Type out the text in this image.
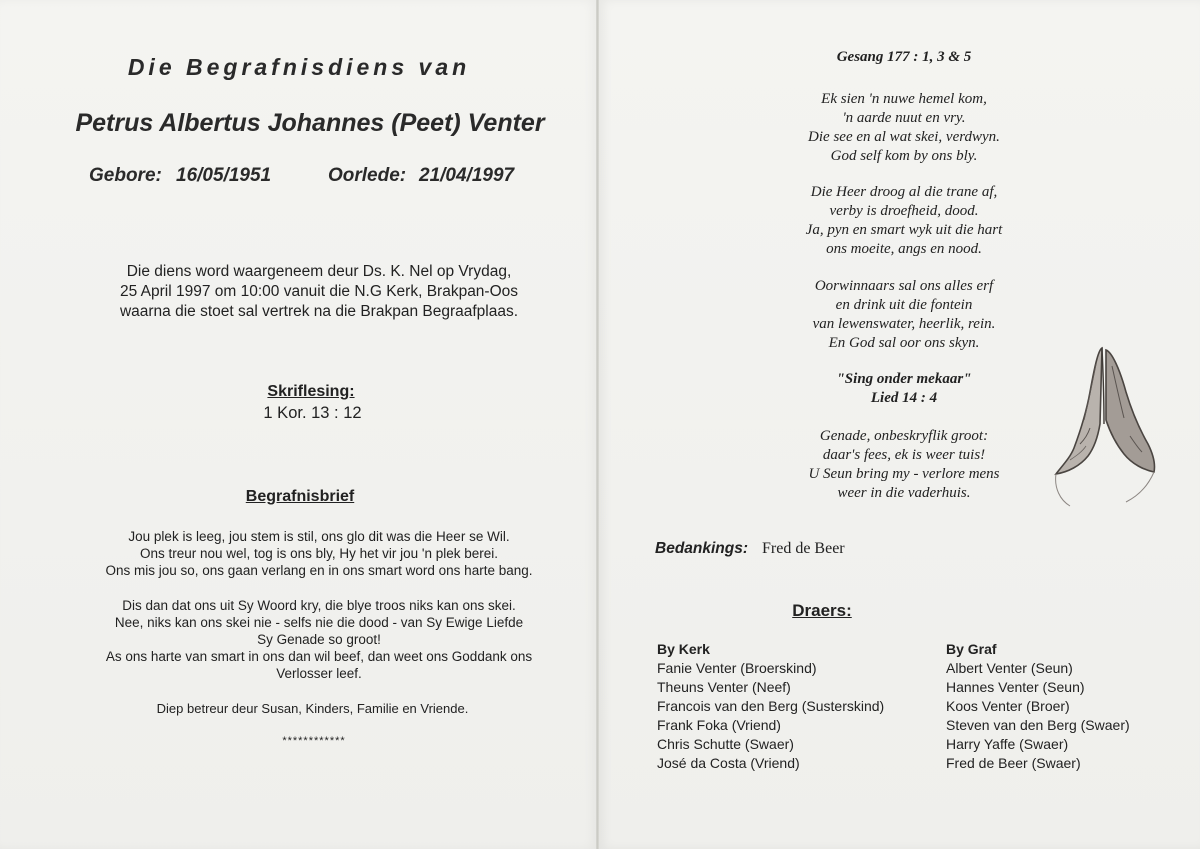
Die Begrafnisdiens van
Petrus Albertus Johannes (Peet) Venter
Gebore: 16/05/1951	Oorlede: 21/04/1997
Die diens word waargeneem deur Ds. K. Nel op Vrydag,
25 April 1997 om 10:00 vanuit die N.G Kerk, Brakpan-Oos
waarna die stoet sal vertrek na die Brakpan Begraafplaas.
Skriflesing:
1 Kor. 13 : 12
Begrafnisbrief
Jou plek is leeg, jou stem is stil, ons glo dit was die Heer se Wil.
Ons treur nou wel, tog is ons bly, Hy het vir jou 'n plek berei.
Ons mis jou so, ons gaan verlang en in ons smart word ons harte bang.
Dis dan dat ons uit Sy Woord kry, die blye troos niks kan ons skei.
Nee, niks kan ons skei nie - selfs nie die dood - van Sy Ewige Liefde
Sy Genade so groot!
As ons harte van smart in ons dan wil beef, dan weet ons Goddank ons
Verlosser leef.
Diep betreur deur Susan, Kinders, Familie en Vriende.
************
Gesang 177 : 1, 3 & 5
Ek sien 'n nuwe hemel kom,
'n aarde nuut en vry.
Die see en al wat skei, verdwyn.
God self kom by ons bly.
Die Heer droog al die trane af,
verby is droefheid, dood.
Ja, pyn en smart wyk uit die hart
ons moeite, angs en nood.
Oorwinnaars sal ons alles erf
en drink uit die fontein
van lewenswater, heerlik, rein.
En God sal oor ons skyn.
"Sing onder mekaar"
Lied 14 : 4
Genade, onbeskryflik groot:
daar's fees, ek is weer tuis!
U Seun bring my - verlore mens
weer in die vaderhuis.
Bedankings: Fred de Beer
Draers:
By Kerk
Fanie Venter (Broerskind)
Theuns Venter (Neef)
Francois van den Berg (Susterskind)
Frank Foka (Vriend)
Chris Schutte (Swaer)
José da Costa (Vriend)
By Graf
Albert Venter (Seun)
Hannes Venter (Seun)
Koos Venter (Broer)
Steven van den Berg (Swaer)
Harry Yaffe (Swaer)
Fred de Beer (Swaer)
